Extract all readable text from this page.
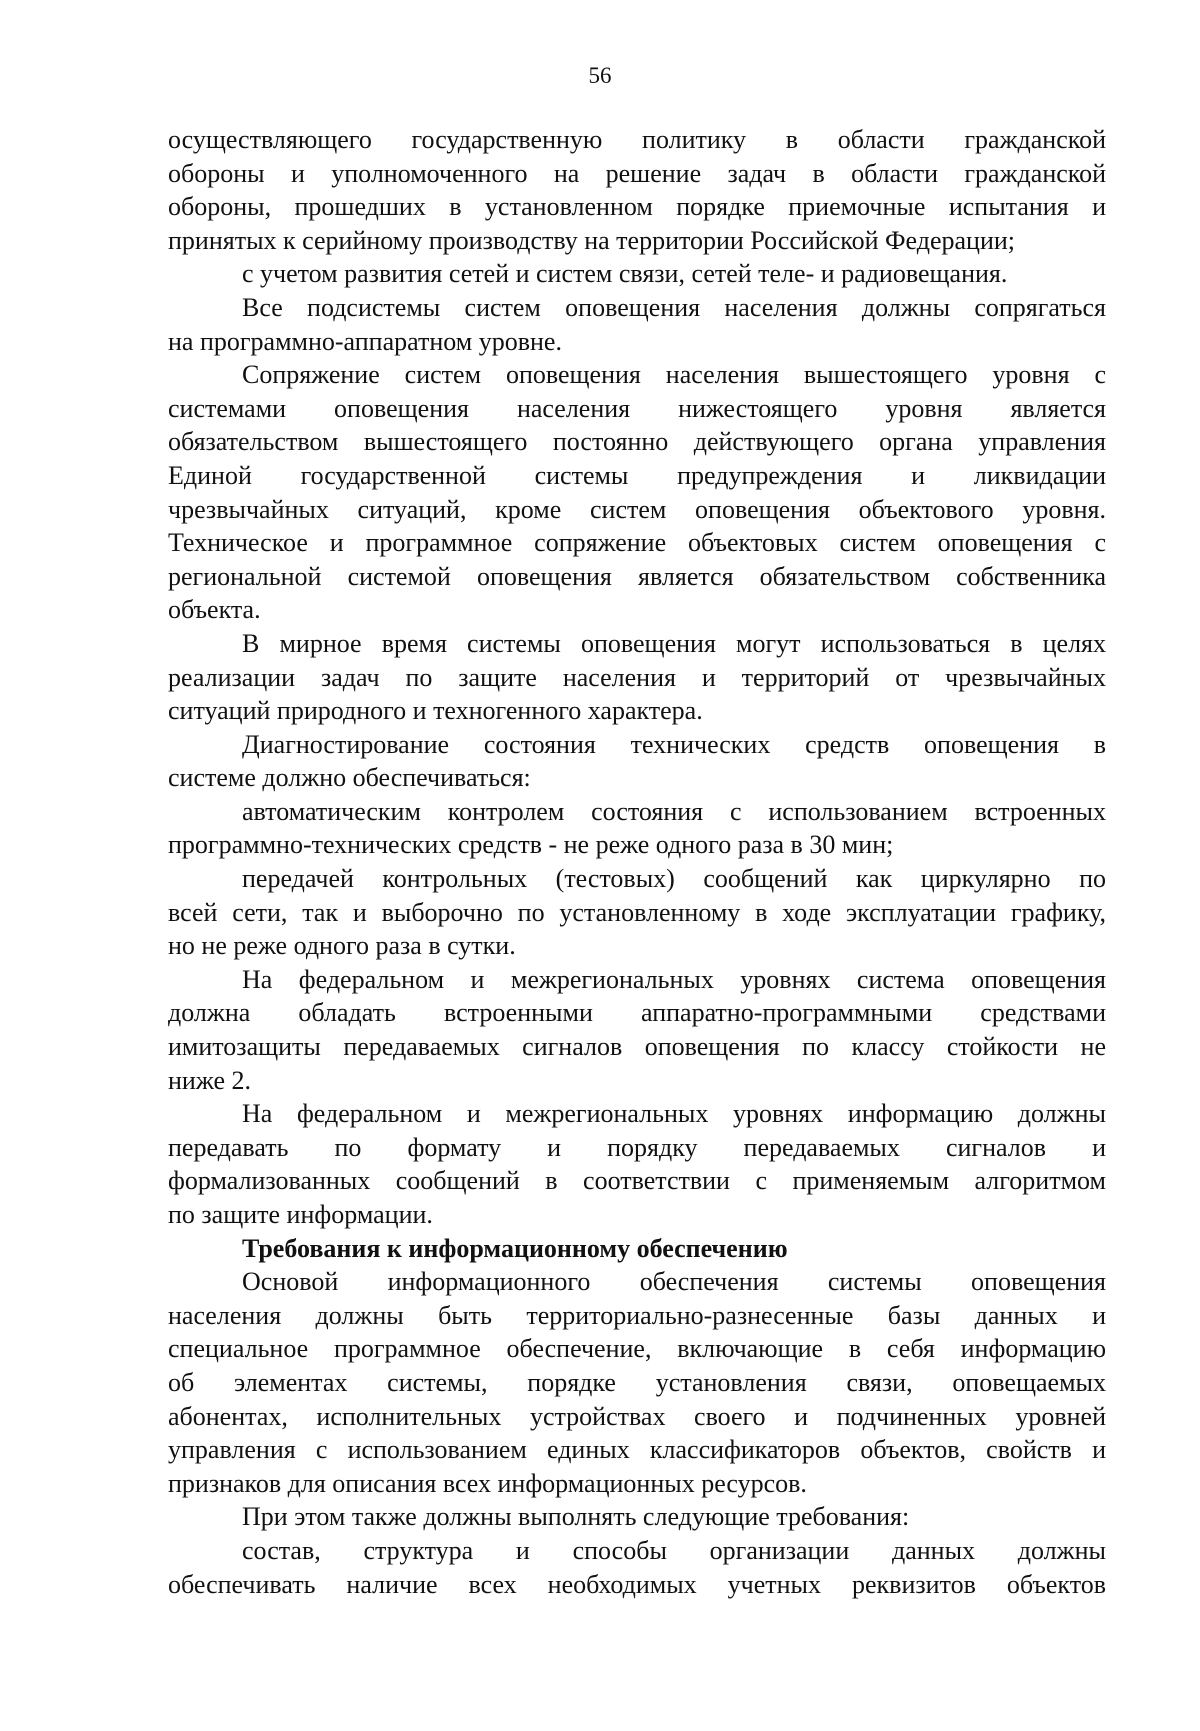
56
осуществляющего государственную политику в области гражданской
обороны и уполномоченного на решение задач в области гражданской
обороны, прошедших в установленном порядке приемочные испытания и
принятых к серийному производству на территории Российской Федерации;
с учетом развития сетей и систем связи, сетей теле- и радиовещания.
Все подсистемы систем оповещения населения должны сопрягаться
на программно-аппаратном уровне.
Сопряжение систем оповещения населения вышестоящего уровня с
системами оповещения населения нижестоящего уровня является
обязательством вышестоящего постоянно действующего органа управления
Единой государственной системы предупреждения и ликвидации
чрезвычайных ситуаций, кроме систем оповещения объектового уровня.
Техническое и программное сопряжение объектовых систем оповещения с
региональной системой оповещения является обязательством собственника
объекта.
В мирное время системы оповещения могут использоваться в целях
реализации задач по защите населения и территорий от чрезвычайных
ситуаций природного и техногенного характера.
Диагностирование состояния технических средств оповещения в
системе должно обеспечиваться:
автоматическим контролем состояния с использованием встроенных
программно-технических средств - не реже одного раза в 30 мин;
передачей контрольных (тестовых) сообщений как циркулярно по
всей сети, так и выборочно по установленному в ходе эксплуатации графику,
но не реже одного раза в сутки.
На федеральном и межрегиональных уровнях система оповещения
должна обладать встроенными аппаратно-программными средствами
имитозащиты передаваемых сигналов оповещения по классу стойкости не
ниже 2.
На федеральном и межрегиональных уровнях информацию должны
передавать по формату и порядку передаваемых сигналов и
формализованных сообщений в соответствии с применяемым алгоритмом
по защите информации.
Требования к информационному обеспечению
Основой информационного обеспечения системы оповещения
населения должны быть территориально-разнесенные базы данных и
специальное программное обеспечение, включающие в себя информацию
об элементах системы, порядке установления связи, оповещаемых
абонентах, исполнительных устройствах своего и подчиненных уровней
управления с использованием единых классификаторов объектов, свойств и
признаков для описания всех информационных ресурсов.
При этом также должны выполнять следующие требования:
состав, структура и способы организации данных должны
обеспечивать наличие всех необходимых учетных реквизитов объектов
